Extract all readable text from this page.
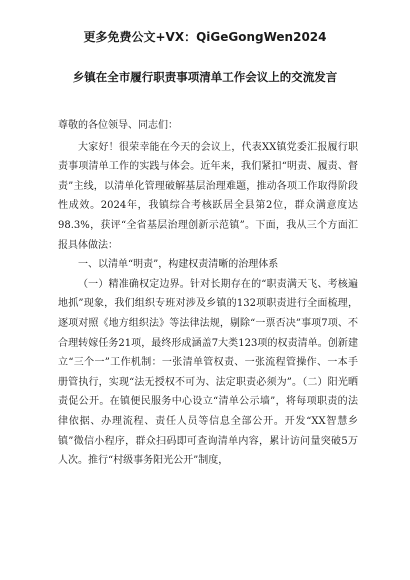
更多免费公文+VX：QiGeGongWen2024
乡镇在全市履行职责事项清单工作会议上的交流发言

尊敬的各位领导、同志们：

大家好！很荣幸能在今天的会议上，代表XX镇党委汇报履行职责事项清单工作的实践与体会。近年来，我们紧扣“明责、履责、督责”主线，以清单化管理破解基层治理难题，推动各项工作取得阶段性成效。2024年，我镇综合考核跃居全县第2位，群众满意度达98.3%，获评“全省基层治理创新示范镇”。下面，我从三个方面汇报具体做法：

一、以清单“明责”，构建权责清晰的治理体系

（一）精准确权定边界。针对长期存在的“职责满天飞、考核遍地抓”现象，我们组织专班对涉及乡镇的132项职责进行全面梳理，逐项对照《地方组织法》等法律法规，剔除“一票否决”事项7项、不合理转嫁任务21项，最终形成涵盖7大类123项的权责清单。创新建立“三个一”工作机制：一张清单管权责、一张流程管操作、一本手册管执行，实现“法无授权不可为、法定职责必须为”。（二）阳光晒责促公开。在镇便民服务中心设立“清单公示墙”，将每项职责的法律依据、办理流程、责任人员等信息全部公开。开发“XX智慧乡镇”微信小程序，群众扫码即可查询清单内容，累计访问量突破5万人次。推行“村级事务阳光公开”制度，
